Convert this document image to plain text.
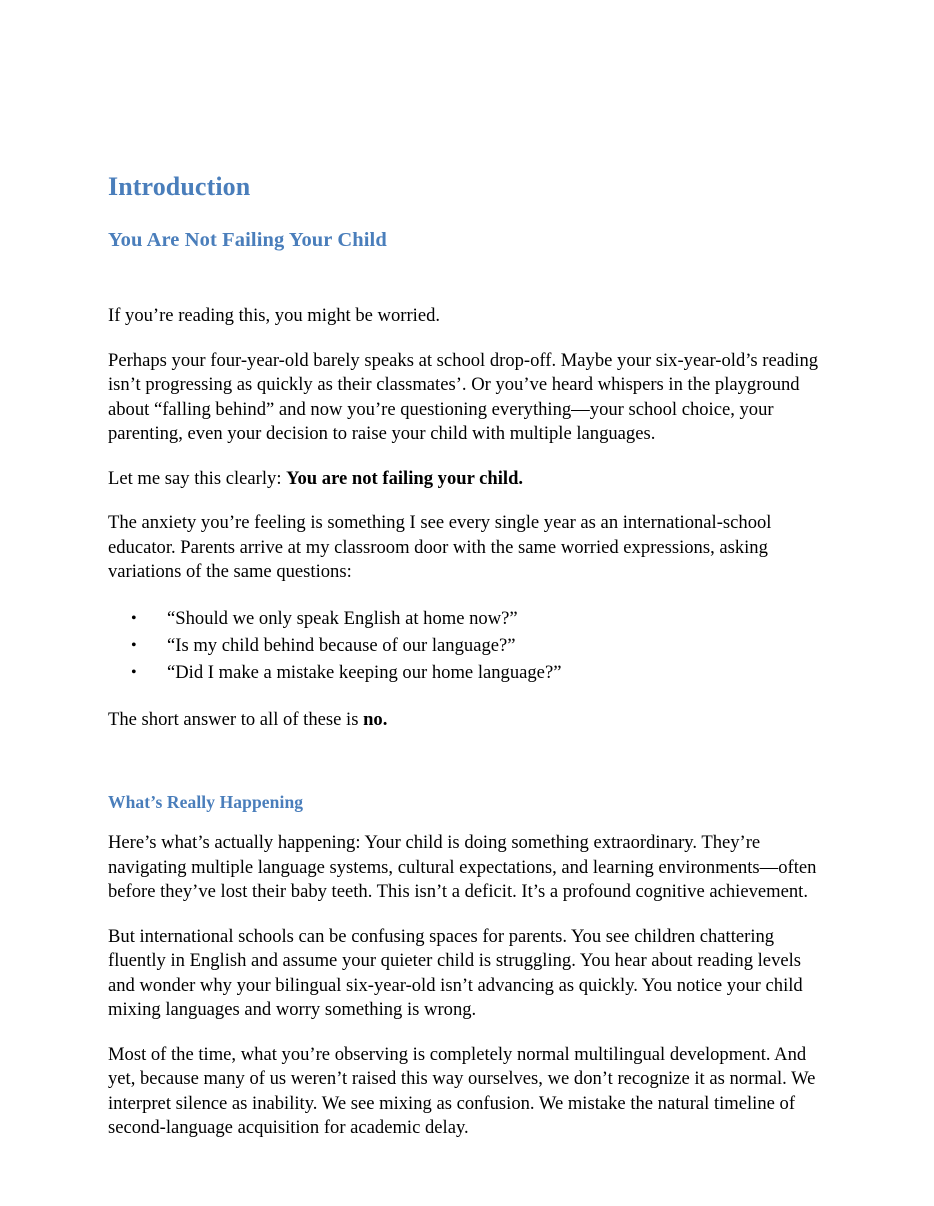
Introduction
You Are Not Failing Your Child

If you’re reading this, you might be worried.

Perhaps your four-year-old barely speaks at school drop-off. Maybe your six-year-old’s reading isn’t progressing as quickly as their classmates’. Or you’ve heard whispers in the playground about “falling behind” and now you’re questioning everything—your school choice, your parenting, even your decision to raise your child with multiple languages.

Let me say this clearly: You are not failing your child.

The anxiety you’re feeling is something I see every single year as an international-school educator. Parents arrive at my classroom door with the same worried expressions, asking variations of the same questions:

• “Should we only speak English at home now?”
• “Is my child behind because of our language?”
• “Did I make a mistake keeping our home language?”

The short answer to all of these is no.

What’s Really Happening

Here’s what’s actually happening: Your child is doing something extraordinary. They’re navigating multiple language systems, cultural expectations, and learning environments—often before they’ve lost their baby teeth. This isn’t a deficit. It’s a profound cognitive achievement.

But international schools can be confusing spaces for parents. You see children chattering fluently in English and assume your quieter child is struggling. You hear about reading levels and wonder why your bilingual six-year-old isn’t advancing as quickly. You notice your child mixing languages and worry something is wrong.

Most of the time, what you’re observing is completely normal multilingual development. And yet, because many of us weren’t raised this way ourselves, we don’t recognize it as normal. We interpret silence as inability. We see mixing as confusion. We mistake the natural timeline of second-language acquisition for academic delay.
